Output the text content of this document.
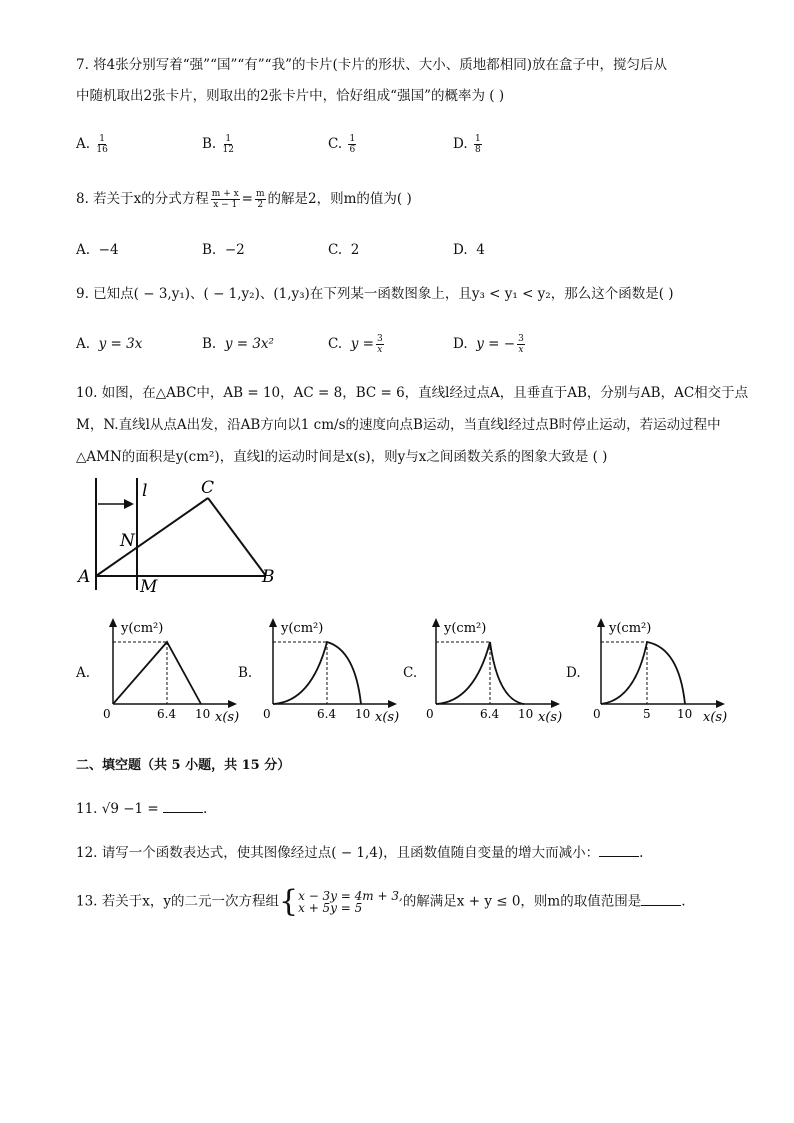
7. 将4张分别写着“强”“国”“有”“我”的卡片(卡片的形状、大小、质地都相同)放在盒子中，搅匀后从
中随机取出2张卡片，则取出的2张卡片中，恰好组成“强国”的概率为 ( )
A. $\frac{1}{16}$	B. $\frac{1}{12}$	C. $\frac{1}{6}$	D. $\frac{1}{8}$
8. 若关于x的分式方程 $\frac{m + x}{x - 1} = \frac{m}{2}$ 的解是2，则m的值为( )
A. −4	B. −2	C. 2	D. 4
9. 已知点( − 3,y₁)、( − 1,y₂)、(1,y₃)在下列某一函数图象上，且y₃ < y₁ < y₂，那么这个函数是( )
A. y = 3x	B. y = 3x²	C. $y = \frac{3}{x}$	D. y = − $\frac{3}{x}$
10. 如图，在△ABC中，AB = 10，AC = 8，BC = 6，直线l经过点A，且垂直于AB，分别与AB，AC相交于点
M，N.直线l从点A出发，沿AB方向以1 cm/s的速度向点B运动，当直线l经过点B时停止运动，若运动过程中
△AMN的面积是y(cm²)，直线l的运动时间是x(s)，则y与x之间函数关系的图象大致是 ( )
l	C
N
A	M	B
A.	B.	C.	D.
y(cm²)
0	6.4 10 x(s)
y(cm²)
0	6.4 10 x(s)
y(cm²)
0	6.4 10 x(s)
y(cm²)
0	5 10 x(s)
二、填空题（共 5 小题，共 15 分）
11. √9 −1 =	.
12. 请写一个函数表达式，使其图像经过点( − 1,4)，且函数值随自变量的增大而减小：	.
13. 若关于x，y的二元一次方程组{ x − 3y = 4m + 3,
x + 5y = 5	的解满足x + y ≤ 0，则m的取值范围是	.
